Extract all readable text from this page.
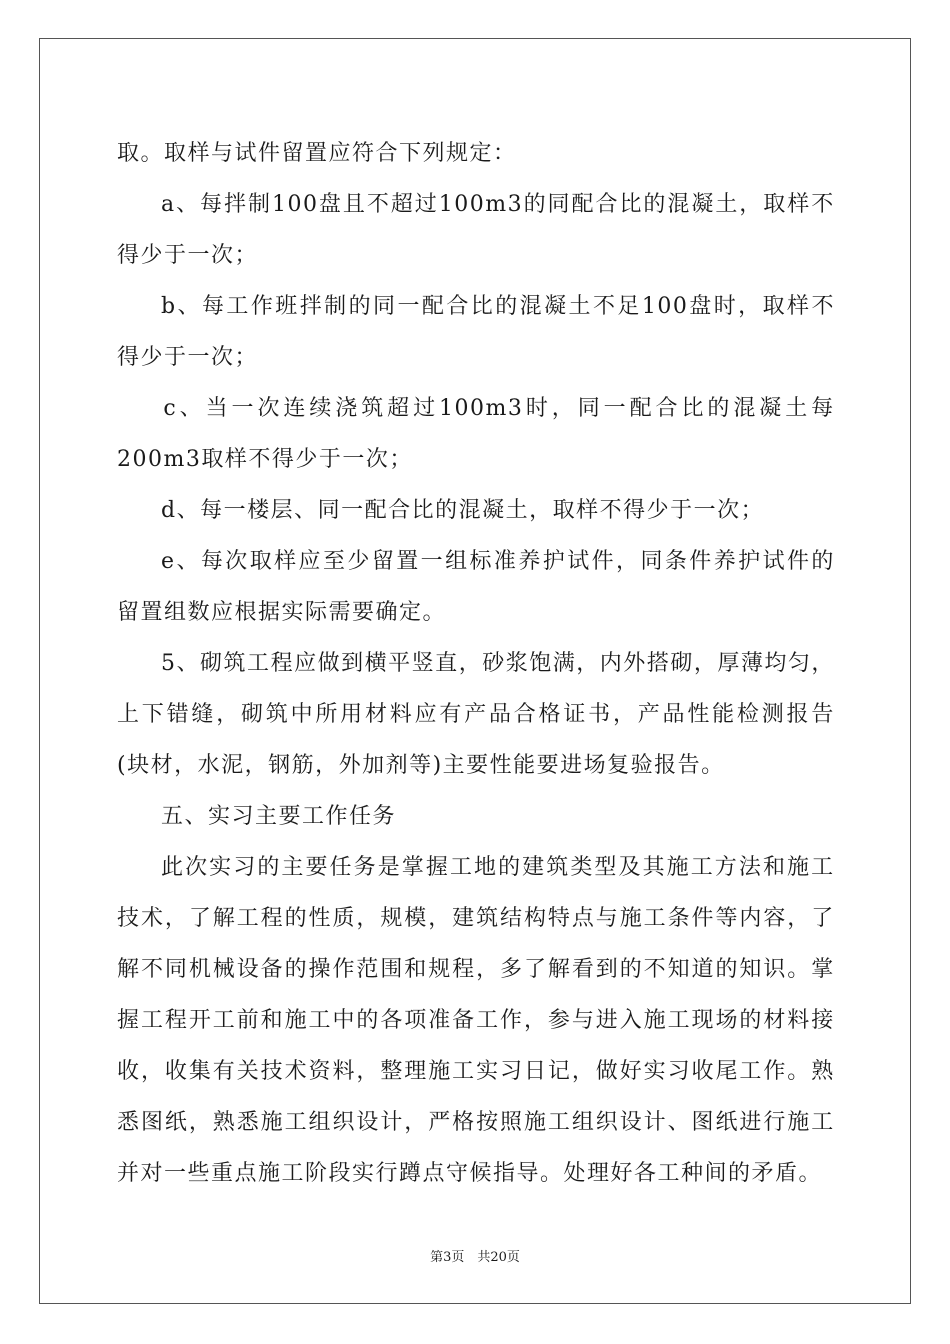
取。取样与试件留置应符合下列规定：
a 、 每 拌 制 100 盘 且 不 超 过 100m3 的 同 配 合 比 的 混 凝 土 ， 取 样 不
得少于一次；
b 、 每 工 作 班 拌 制 的 同 一 配 合 比 的 混 凝 土 不 足 100 盘 时 ， 取 样 不
得少于一次；
c 、 当 一 次 连 续 浇 筑 超 过 100m3 时 ， 同 一 配 合 比 的 混 凝 土 每
200m3取样不得少于一次；
d、每一楼层、同一配合比的混凝土，取样不得少于一次；
e 、 每 次 取 样 应 至 少 留 置 一 组 标 准 养 护 试 件 ， 同 条 件 养 护 试 件 的
留置组数应根据实际需要确定。
5 、 砌 筑 工 程 应 做 到 横 平 竖 直 ， 砂 浆 饱 满 ， 内 外 搭 砌 ， 厚 薄 均 匀 ，
上 下 错 缝 ， 砌 筑 中 所 用 材 料 应 有 产 品 合 格 证 书 ， 产 品 性 能 检 测 报 告
(块材，水泥，钢筋，外加剂等)主要性能要进场复验报告。
五、实习主要工作任务
此 次 实 习 的 主 要 任 务 是 掌 握 工 地 的 建 筑 类 型 及 其 施 工 方 法 和 施 工
技 术 ， 了 解 工 程 的 性 质 ， 规 模 ， 建 筑 结 构 特 点 与 施 工 条 件 等 内 容 ， 了
解 不 同 机 械 设 备 的 操 作 范 围 和 规 程 ， 多 了 解 看 到 的 不 知 道 的 知 识 。 掌
握 工 程 开 工 前 和 施 工 中 的 各 项 准 备 工 作 ， 参 与 进 入 施 工 现 场 的 材 料 接
收 ， 收 集 有 关 技 术 资 料 ， 整 理 施 工 实 习 日 记 ， 做 好 实 习 收 尾 工 作 。 熟
悉 图 纸 ， 熟 悉 施 工 组 织 设 计 ， 严 格 按 照 施 工 组 织 设 计 、 图 纸 进 行 施 工
并对一些重点施工阶段实行蹲点守候指导。处理好各工种间的矛盾。
第3页　共20页
